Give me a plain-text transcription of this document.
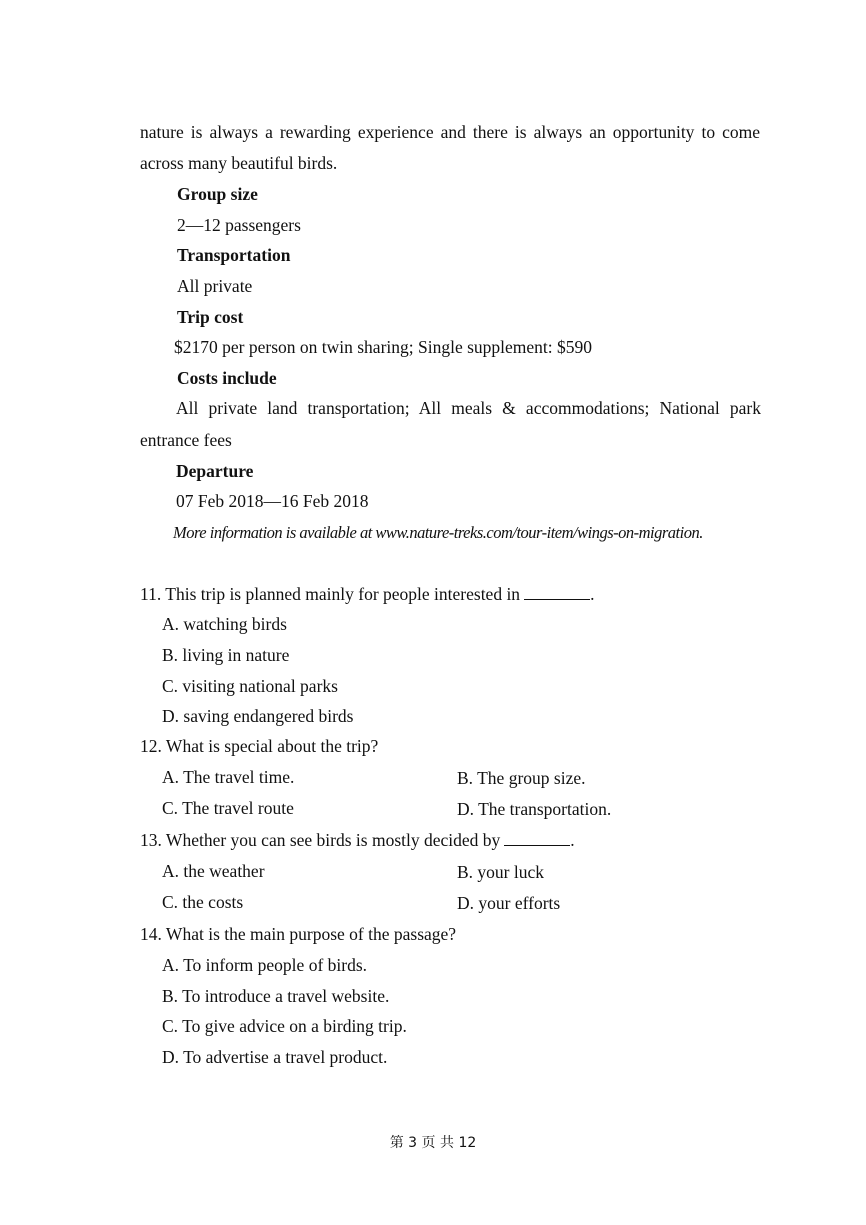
nature is always a rewarding experience and there is always an opportunity to come
across many beautiful birds.
Group size
2—12 passengers
Transportation
All private
Trip cost
$2170 per person on twin sharing; Single supplement: $590
Costs include
All private land transportation; All meals & accommodations; National park
entrance fees
Departure
07 Feb 2018—16 Feb 2018
More information is available at www.nature-treks.com/tour-item/wings-on-migration.
11. This trip is planned mainly for people interested in	.
A. watching birds
B. living in nature
C. visiting national parks
D. saving endangered birds
12. What is special about the trip?
A. The travel time.	B. The group size.
C. The travel route	D. The transportation.
13. Whether you can see birds is mostly decided by	.
A. the weather	B. your luck
C. the costs	D. your efforts
14. What is the main purpose of the passage?
A. To inform people of birds.
B. To introduce a travel website.
C. To give advice on a birding trip.
D. To advertise a travel product.
第 3 页 共 12
